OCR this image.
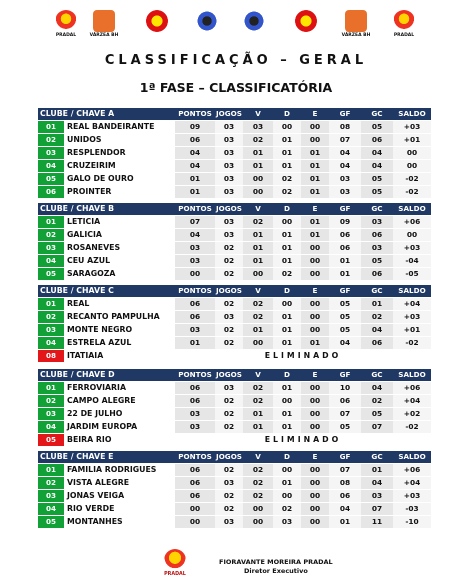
PRADAL	VÁRZEA BH	VÁRZEA BH	PRADAL
CLASSIFICAÇÃO – GERAL
1ª FASE – CLASSIFICATÓRIA
CLUBE / CHAVE A		PONTOS	JOGOS	V	D	E	GF	GC	SALDO
01	REAL BANDEIRANTE	09	03	03	00	00	08	05	+03
02	UNIDOS	06	03	02	01	00	07	06	+01
03	RESPLENDOR	04	03	01	01	01	04	04	00
04	CRUZEIRIM	04	03	01	01	01	04	04	00
05	GALO DE OURO	01	03	00	02	01	03	05	-02
06	PROINTER	01	03	00	02	01	03	05	-02
CLUBE / CHAVE B		PONTOS	JOGOS	V	D	E	GF	GC	SALDO
01	LETICIA	07	03	02	00	01	09	03	+06
02	GALICIA	04	03	01	01	01	06	06	00
03	ROSANEVES	03	02	01	01	00	06	03	+03
04	CEU AZUL	03	02	01	01	00	01	05	-04
05	SARAGOZA	00	02	00	02	00	01	06	-05
CLUBE / CHAVE C		PONTOS	JOGOS	V	D	E	GF	GC	SALDO
01	REAL	06	02	02	00	00	05	01	+04
02	RECANTO PAMPULHA	06	03	02	01	00	05	02	+03
03	MONTE NEGRO	03	02	01	01	00	05	04	+01
04	ESTRELA AZUL	01	02	00	01	01	04	06	-02
08	ITATIAIA	ELIMINADO							
CLUBE / CHAVE D		PONTOS	JOGOS	V	D	E	GF	GC	SALDO
01	FERROVIARIA	06	03	02	01	00	10	04	+06
02	CAMPO ALEGRE	06	02	02	00	00	06	02	+04
03	22 DE JULHO	03	02	01	01	00	07	05	+02
04	JARDIM EUROPA	03	02	01	01	00	05	07	-02
05	BEIRA RIO	ELIMINADO							
CLUBE / CHAVE E		PONTOS	JOGOS	V	D	E	GF	GC	SALDO
01	FAMILIA RODRIGUES	06	02	02	00	00	07	01	+06
02	VISTA ALEGRE	06	03	02	01	00	08	04	+04
03	JONAS VEIGA	06	02	02	00	00	06	03	+03
04	RIO VERDE	00	02	00	02	00	04	07	-03
05	MONTANHES	00	03	00	03	00	01	11	-10
PRADAL
FIORAVANTE MOREIRA PRADAL
Diretor Executivo
